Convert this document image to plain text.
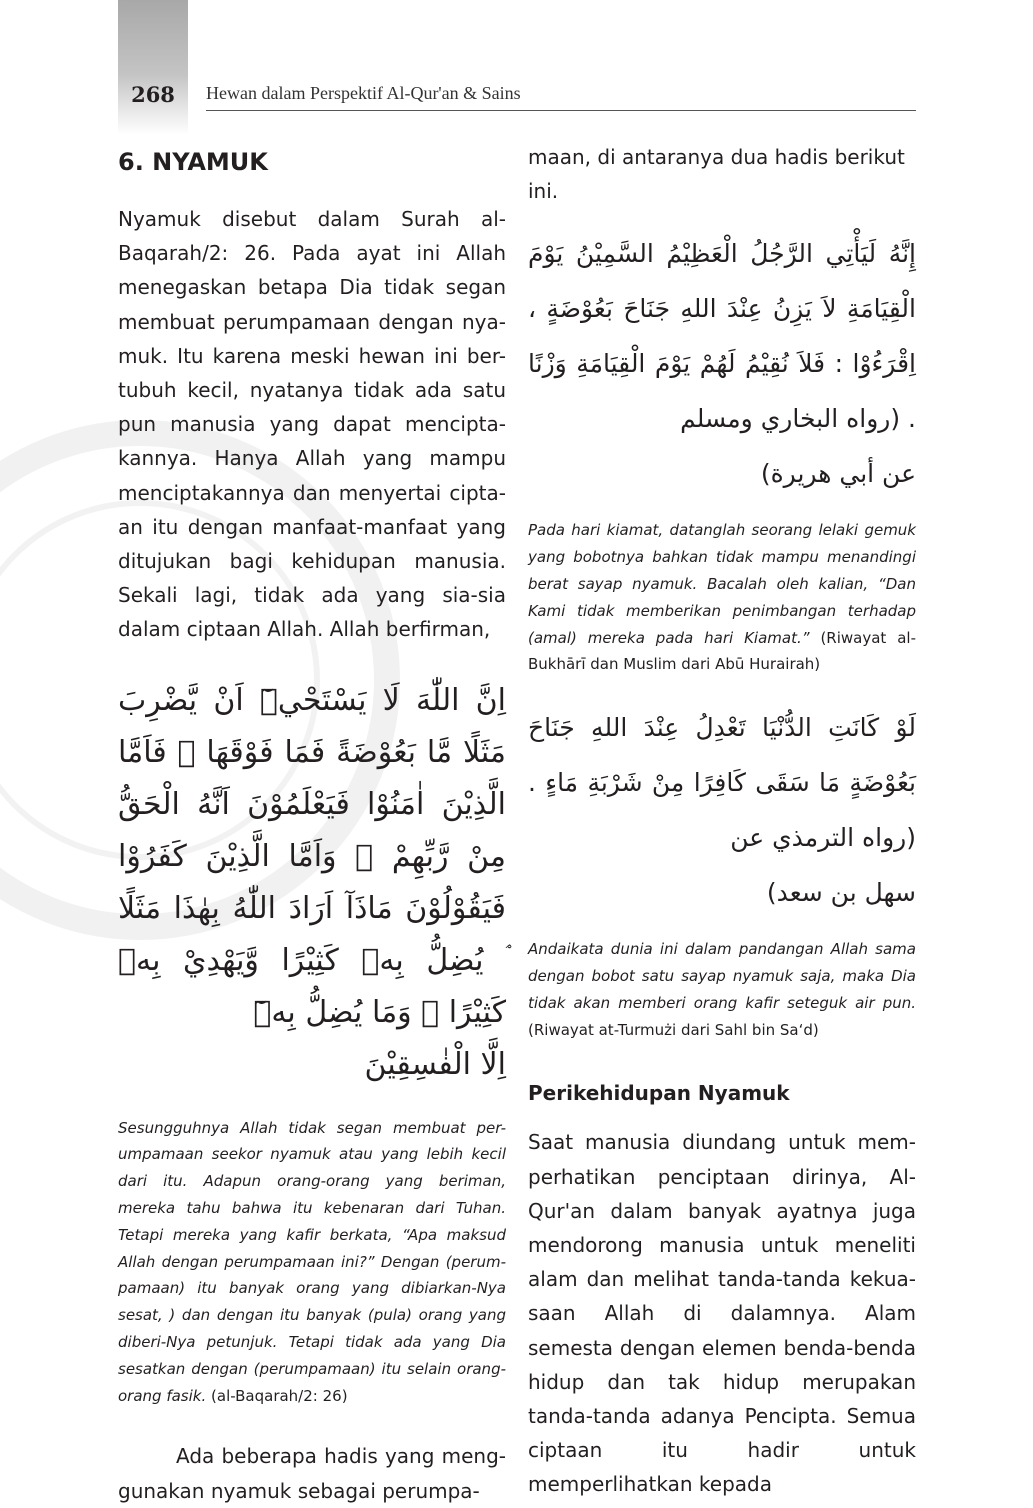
268	Hewan dalam Perspektif Al-Qur'an & Sains
6. NYAMUK

Nyamuk disebut dalam Surah al-Baqarah/2: 26. Pada ayat ini Allah menegaskan betapa Dia tidak segan membuat perumpamaan dengan nya-muk. Itu karena meski hewan ini ber-tubuh kecil, nyatanya tidak ada satu pun manusia yang dapat mencipta-kannya. Hanya Allah yang mampu menciptakannya dan menyertai cipta-an itu dengan manfaat-manfaat yang ditujukan bagi kehidupan manusia. Sekali lagi, tidak ada yang sia-sia dalam ciptaan Allah. Allah berfirman,

اِنَّ اللّٰهَ لَا يَسْتَحْيٖٓ اَنْ يَّضْرِبَ مَثَلًا مَّا بَعُوْضَةً فَمَا فَوْقَهَا ۗ فَاَمَّا الَّذِيْنَ اٰمَنُوْا فَيَعْلَمُوْنَ اَنَّهُ الْحَقُّ مِنْ رَّبِّهِمْ ۚ وَاَمَّا الَّذِيْنَ كَفَرُوْا فَيَقُوْلُوْنَ مَاذَآ اَرَادَ اللّٰهُ بِهٰذَا مَثَلًا ۘ يُضِلُّ بِهٖ كَثِيْرًا وَّيَهْدِيْ بِهٖ كَثِيْرًا ۗ وَمَا يُضِلُّ بِهٖٓ
اِلَّا الْفٰسِقِيْنَ

Sesungguhnya Allah tidak segan membuat per-umpamaan seekor nyamuk atau yang lebih kecil dari itu. Adapun orang-orang yang beriman, mereka tahu bahwa itu kebenaran dari Tuhan. Tetapi mereka yang kafir berkata, “Apa maksud Allah dengan perumpamaan ini?” Dengan (perum-pamaan) itu banyak orang yang dibiarkan-Nya sesat, ) dan dengan itu banyak (pula) orang yang diberi-Nya petunjuk. Tetapi tidak ada yang Dia sesatkan dengan (perumpamaan) itu selain orang-orang fasik. (al-Baqarah/2: 26)

Ada beberapa hadis yang meng-gunakan nyamuk sebagai perumpa-

maan, di antaranya dua hadis berikut ini.

إِنَّهُ لَيَأْتِي الرَّجُلُ الْعَظِيْمُ السَّمِيْنُ يَوْمَ الْقِيَامَةِ لاَ يَزِنُ عِنْدَ اللهِ جَنَاحَ بَعُوْضَةٍ ، اِقْرَءُوْا : فَلاَ نُقِيْمُ لَهُمْ يَوْمَ الْقِيَامَةِ وَزْنًا . (رواه البخاري ومسلم
عن أبي هريرة)

Pada hari kiamat, datanglah seorang lelaki gemuk yang bobotnya bahkan tidak mampu menandingi berat sayap nyamuk. Bacalah oleh kalian, “Dan Kami tidak memberikan penimbangan terhadap (amal) mereka pada hari Kiamat.” (Riwayat al-Bukhārī dan Muslim dari Abū Hurairah)

لَوْ كَانَتِ الدُّنْيَا تَعْدِلُ عِنْدَ اللهِ جَنَاحَ بَعُوْضَةٍ مَا سَقَى كَافِرًا مِنْ شَرْبَةِ مَاءٍ . (رواه الترمذي عن
سهل بن سعد)

Andaikata dunia ini dalam pandangan Allah sama dengan bobot satu sayap nyamuk saja, maka Dia tidak akan memberi orang kafir seteguk air pun. (Riwayat at-Turmużi dari Sahl bin Sa‘d)

Perikehidupan Nyamuk

Saat manusia diundang untuk mem-perhatikan penciptaan dirinya, Al-Qur'an dalam banyak ayatnya juga mendorong manusia untuk meneliti alam dan melihat tanda-tanda kekua-saan Allah di dalamnya. Alam semesta dengan elemen benda-benda hidup dan tak hidup merupakan tanda-tanda adanya Pencipta. Semua ciptaan itu hadir untuk memperlihatkan kepada
